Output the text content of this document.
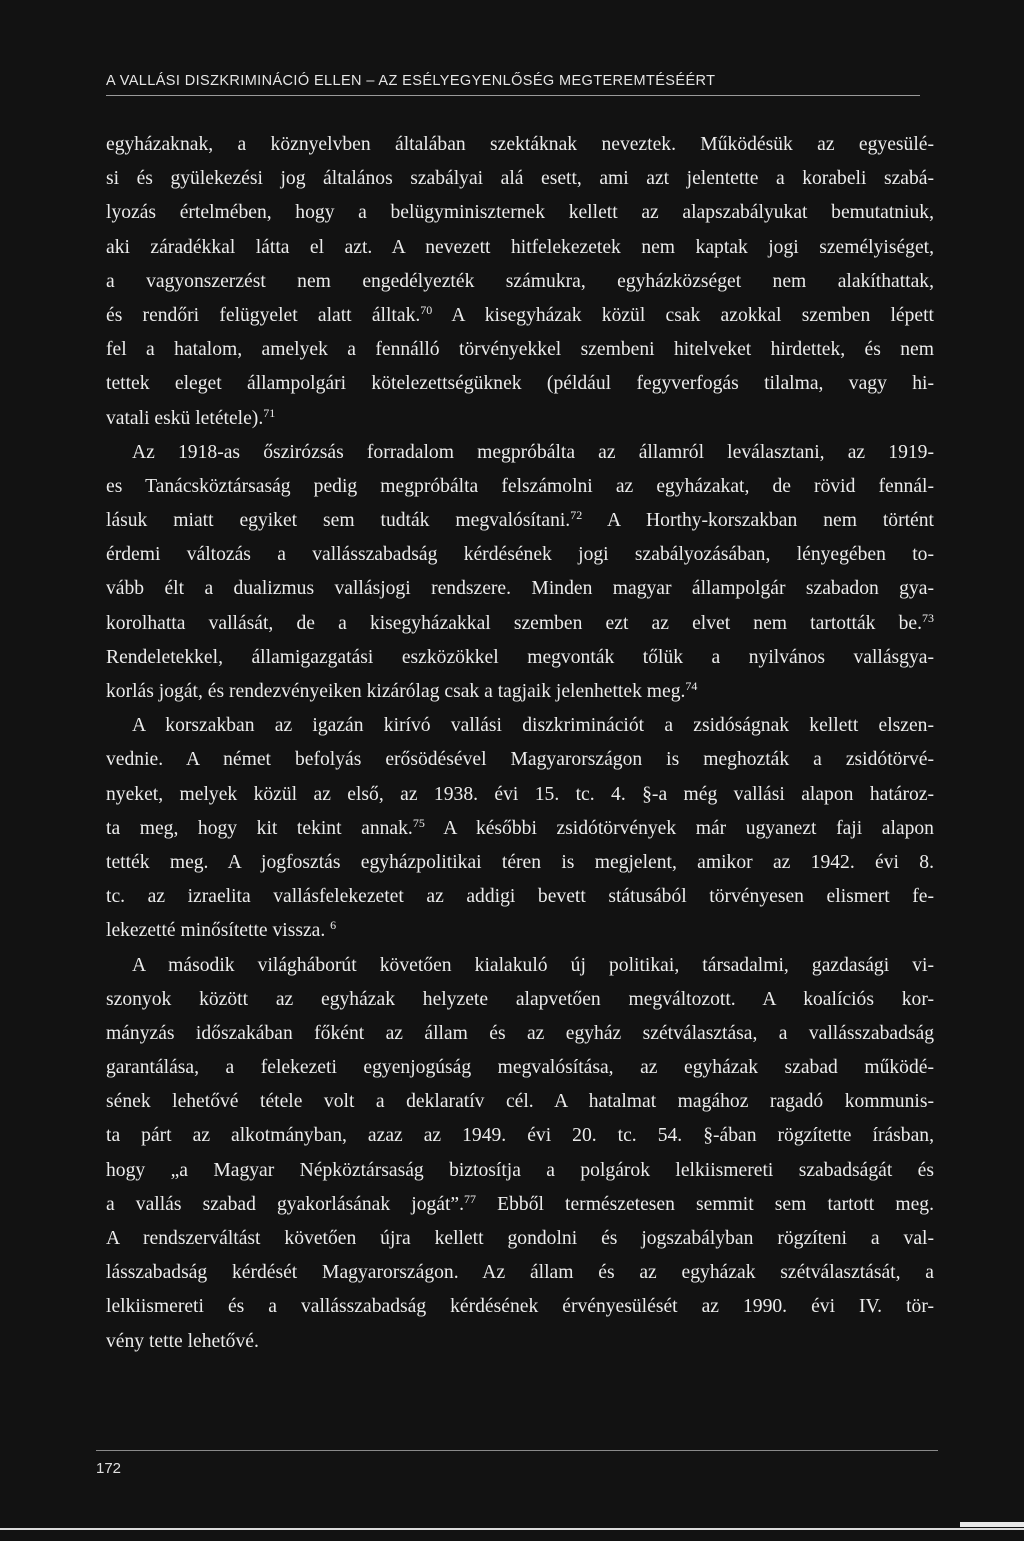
A VALLÁSI DISZKRIMINÁCIÓ ELLEN – AZ ESÉLYEGYENLŐSÉG MEGTEREMTÉSÉÉRT
egyházaknak, a köznyelvben általában szektáknak neveztek. Működésük az egyesülé-
si és gyülekezési jog általános szabályai alá esett, ami azt jelentette a korabeli szabá-
lyozás értelmében, hogy a belügyminiszternek kellett az alapszabályukat bemutatniuk,
aki záradékkal látta el azt. A nevezett hitfelekezetek nem kaptak jogi személyiséget,
a vagyonszerzést nem engedélyezték számukra, egyházközséget nem alakíthattak,
és rendőri felügyelet alatt álltak.$^{70}$ A kisegyházak közül csak azokkal szemben lépett
fel a hatalom, amelyek a fennálló törvényekkel szembeni hitelveket hirdettek, és nem
tettek eleget állampolgári kötelezettségüknek (például fegyverfogás tilalma, vagy hi-
vatali eskü letétele).$^{71}$
Az 1918-as őszirózsás forradalom megpróbálta az államról leválasztani, az 1919-
es Tanácsköztársaság pedig megpróbálta felszámolni az egyházakat, de rövid fennál-
lásuk miatt egyiket sem tudták megvalósítani.$^{72}$ A Horthy-korszakban nem történt
érdemi változás a vallásszabadság kérdésének jogi szabályozásában, lényegében to-
vább élt a dualizmus vallásjogi rendszere. Minden magyar állampolgár szabadon gya-
korolhatta vallását, de a kisegyházakkal szemben ezt az elvet nem tartották be.$^{73}$
Rendeletekkel, államigazgatási eszközökkel megvonták tőlük a nyilvános vallásgya-
korlás jogát, és rendezvényeiken kizárólag csak a tagjaik jelenhettek meg.$^{74}$
A korszakban az igazán kirívó vallási diszkriminációt a zsidóságnak kellett elszen-
vednie. A német befolyás erősödésével Magyarországon is meghozták a zsidótörvé-
nyeket, melyek közül az első, az 1938. évi 15. tc. 4. §-a még vallási alapon határoz-
ta meg, hogy kit tekint annak.$^{75}$ A későbbi zsidótörvények már ugyanezt faji alapon
tették meg. A jogfosztás egyházpolitikai téren is megjelent, amikor az 1942. évi 8.
tc. az izraelita vallásfelekezetet az addigi bevett státusából törvényesen elismert fe-
lekezetté minősítette vissza. $^6$
A második világháborút követően kialakuló új politikai, társadalmi, gazdasági vi-
szonyok között az egyházak helyzete alapvetően megváltozott. A koalíciós kor-
mányzás időszakában főként az állam és az egyház szétválasztása, a vallásszabadság
garantálása, a felekezeti egyenjogúság megvalósítása, az egyházak szabad működé-
sének lehetővé tétele volt a deklaratív cél. A hatalmat magához ragadó kommunis-
ta párt az alkotmányban, azaz az 1949. évi 20. tc. 54. §-ában rögzítette írásban,
hogy „a Magyar Népköztársaság biztosítja a polgárok lelkiismereti szabadságát és
a vallás szabad gyakorlásának jogát”.$^{77}$ Ebből természetesen semmit sem tartott meg.
A rendszerváltást követően újra kellett gondolni és jogszabályban rögzíteni a val-
lásszabadság kérdését Magyarországon. Az állam és az egyházak szétválasztását, a
lelkiismereti és a vallásszabadság kérdésének érvényesülését az 1990. évi IV. tör-
vény tette lehetővé.
172
